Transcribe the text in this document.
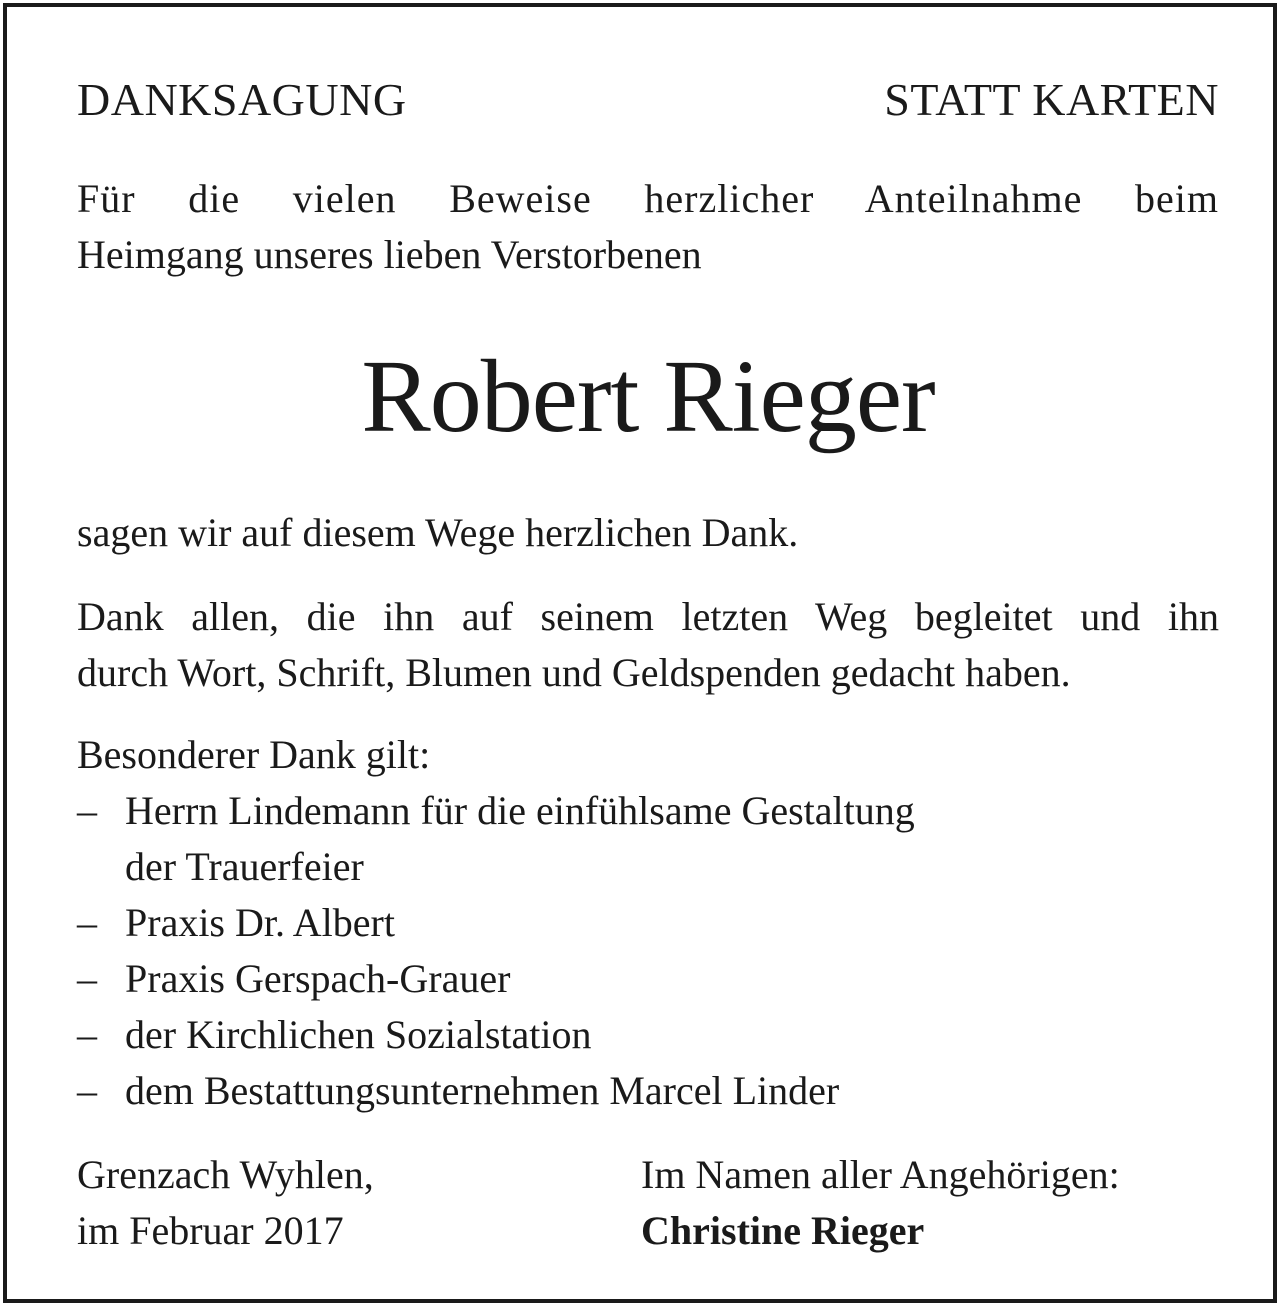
DANKSAGUNG	STATT KARTEN
Für die vielen Beweise herzlicher Anteilnahme beim
Heimgang unseres lieben Verstorbenen
Robert Rieger
sagen wir auf diesem Wege herzlichen Dank.
Dank allen, die ihn auf seinem letzten Weg begleitet und ihn
durch Wort, Schrift, Blumen und Geldspenden gedacht haben.
Besonderer Dank gilt:
– Herrn Lindemann für die einfühlsame Gestaltung
der Trauerfeier
– Praxis Dr. Albert
– Praxis Gerspach-Grauer
– der Kirchlichen Sozialstation
– dem Bestattungsunternehmen Marcel Linder
Grenzach Wyhlen,
im Februar 2017
Im Namen aller Angehörigen:
Christine Rieger
